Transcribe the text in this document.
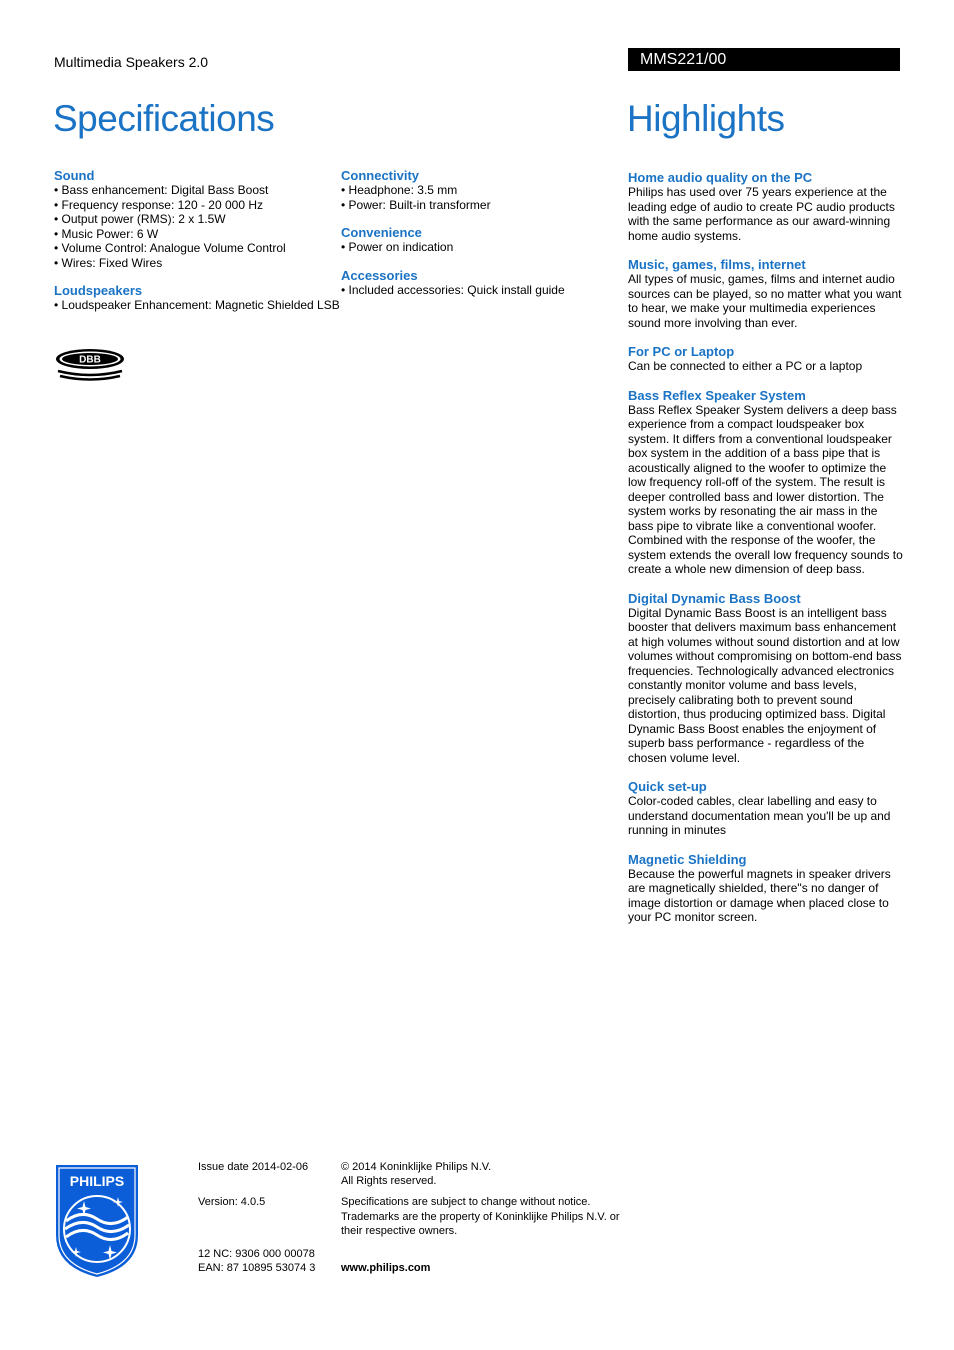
Multimedia Speakers 2.0	MMS221/00
Specifications	Highlights
Sound
• Bass enhancement: Digital Bass Boost
• Frequency response: 120 - 20 000 Hz
• Output power (RMS): 2 x 1.5W
• Music Power: 6 W
• Volume Control: Analogue Volume Control
• Wires: Fixed Wires
Loudspeakers
• Loudspeaker Enhancement: Magnetic Shielded LSB
Connectivity
• Headphone: 3.5 mm
• Power: Built-in transformer
Convenience
• Power on indication
Accessories
• Included accessories: Quick install guide
DBB
Home audio quality on the PC

Philips has used over 75 years experience at the leading edge of audio to create PC audio products with the same performance as our award-winning home audio systems.

Music, games, films, internet

All types of music, games, films and internet audio sources can be played, so no matter what you want to hear, we make your multimedia experiences sound more involving than ever.

For PC or Laptop

Can be connected to either a PC or a laptop

Bass Reflex Speaker System

Bass Reflex Speaker System delivers a deep bass experience from a compact loudspeaker box system. It differs from a conventional loudspeaker box system in the addition of a bass pipe that is acoustically aligned to the woofer to optimize the low frequency roll-off of the system. The result is deeper controlled bass and lower distortion. The system works by resonating the air mass in the bass pipe to vibrate like a conventional woofer. Combined with the response of the woofer, the system extends the overall low frequency sounds to create a whole new dimension of deep bass.

Digital Dynamic Bass Boost

Digital Dynamic Bass Boost is an intelligent bass booster that delivers maximum bass enhancement at high volumes without sound distortion and at low volumes without compromising on bottom-end bass frequencies. Technologically advanced electronics constantly monitor volume and bass levels, precisely calibrating both to prevent sound distortion, thus producing optimized bass. Digital Dynamic Bass Boost enables the enjoyment of superb bass performance - regardless of the chosen volume level.

Quick set-up

Color-coded cables, clear labelling and easy to understand documentation mean you'll be up and running in minutes

Magnetic Shielding

Because the powerful magnets in speaker drivers are magnetically shielded, there"s no danger of image distortion or damage when placed close to your PC monitor screen.

PHILIPS
Issue date 2014-02-06
Version: 4.0.5
12 NC: 9306 000 00078
EAN: 87 10895 53074 3
© 2014 Koninklijke Philips N.V.
All Rights reserved.
Specifications are subject to change without notice. Trademarks are the property of Koninklijke Philips N.V. or their respective owners.
www.philips.com
